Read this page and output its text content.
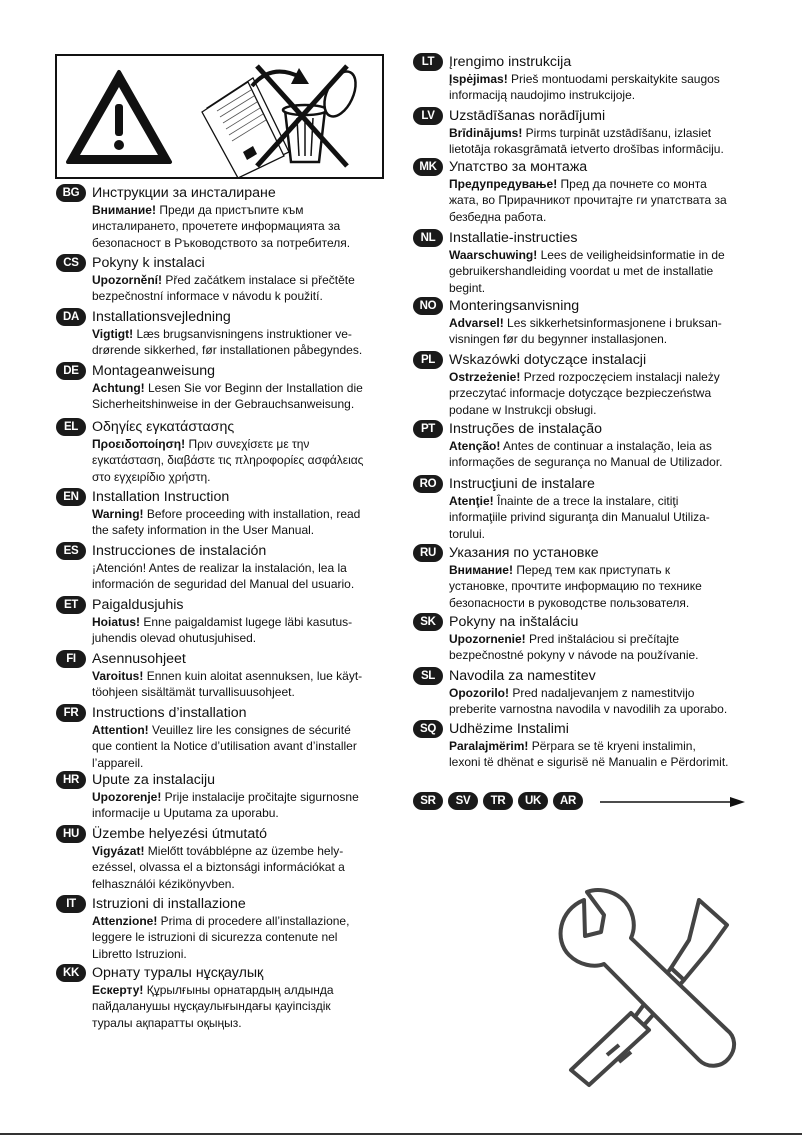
BG Инструкции за инсталиране
Внимание! Преди да пристъпите към
инсталирането, прочетете информацията за
безопасност в Ръководството за потребителя.
CS Pokyny k instalaci
Upozornění! Před začátkem instalace si přečtěte
bezpečnostní informace v návodu k použití.
DA Installationsvejledning
Vigtigt! Læs brugsanvisningens instruktioner ve-
drørende sikkerhed, før installationen påbegyndes.
DE Montageanweisung
Achtung! Lesen Sie vor Beginn der Installation die
Sicherheitshinweise in der Gebrauchsanweisung.
EL Οδηγίες εγκατάστασης
Προειδοποίηση! Πριν συνεχίσετε με την
εγκατάσταση, διαβάστε τις πληροφορίες ασφάλειας
στο εγχειρίδιο χρήστη.
EN Installation Instruction
Warning! Before proceeding with installation, read
the safety information in the User Manual.
ES Instrucciones de instalación
¡Atención! Antes de realizar la instalación, lea la
información de seguridad del Manual del usuario.
ET Paigaldusjuhis
Hoiatus! Enne paigaldamist lugege läbi kasutus-
juhendis olevad ohutusjuhised.
FI	Asennusohjeet
Varoitus! Ennen kuin aloitat asennuksen, lue käyt-
töohjeen sisältämät turvallisuusohjeet.
FR Instructions d’installation
Attention! Veuillez lire les consignes de sécurité
que contient la Notice d’utilisation avant d’installer
l’appareil.
HR Upute za instalaciju
Upozorenje! Prije instalacije pročitajte sigurnosne
informacije u Uputama za uporabu.
HU Üzembe helyezési útmutató
Vigyázat! Mielőtt továbblépne az üzembe hely-
ezéssel, olvassa el a biztonsági információkat a
felhasználói kézikönyvben.
IT	Istruzioni di installazione
Attenzione! Prima di procedere all’installazione,
leggere le istruzioni di sicurezza contenute nel
Libretto Istruzioni.
KK Орнату туралы нұсқаулық
Ескерту! Құрылғыны орнатардың алдында
пайдаланушы нұсқаулығындағы қауіпсіздік
туралы ақпаратты оқыңыз.
LT	Įrengimo instrukcija
Įspėjimas! Prieš montuodami perskaitykite saugos
informaciją naudojimo instrukcijoje.
LV	Uzstādīšanas norādījumi
Brīdinājums! Pirms turpināt uzstādīšanu, izlasiet
lietotāja rokasgrāmatā ietverto drošības informāciju.
MK Упатство за монтажа
Предупредување! Пред да почнете со монта
жата, во Прирачникот прочитајте ги упатствата за
безбедна работа.
NL Installatie-instructies
Waarschuwing! Lees de veiligheidsinformatie in de
gebruikershandleiding voordat u met de installatie
begint.
NO Monteringsanvisning
Advarsel! Les sikkerhetsinformasjonene i bruksan-
visningen før du begynner installasjonen.
PL Wskazówki dotyczące instalacji
Ostrzeżenie! Przed rozpoczęciem instalacji należy
przeczytać informacje dotyczące bezpieczeństwa
podane w Instrukcji obsługi.
PT Instruções de instalação
Atenção! Antes de continuar a instalação, leia as
informações de segurança no Manual de Utilizador.
RO Instrucţiuni de instalare
Atenţie! Înainte de a trece la instalare, citiţi
informaţiile privind siguranţa din Manualul Utiliza-
torului.
RU Указания по установке
Внимание! Перед тем как приступать к
установке, прочтите информацию по технике
безопасности в руководстве пользователя.
SK Pokyny na inštaláciu
Upozornenie! Pred inštaláciou si prečítajte
bezpečnostné pokyny v návode na používanie.
SL Navodila za namestitev
Opozorilo! Pred nadaljevanjem z namestitvijo
preberite varnostna navodila v navodilih za uporabo.
SQ Udhëzime Instalimi
Paralajmërim! Përpara se të kryeni instalimin,
lexoni të dhënat e sigurisë në Manualin e Përdorimit.
SR	SV	TR	UK	AR
